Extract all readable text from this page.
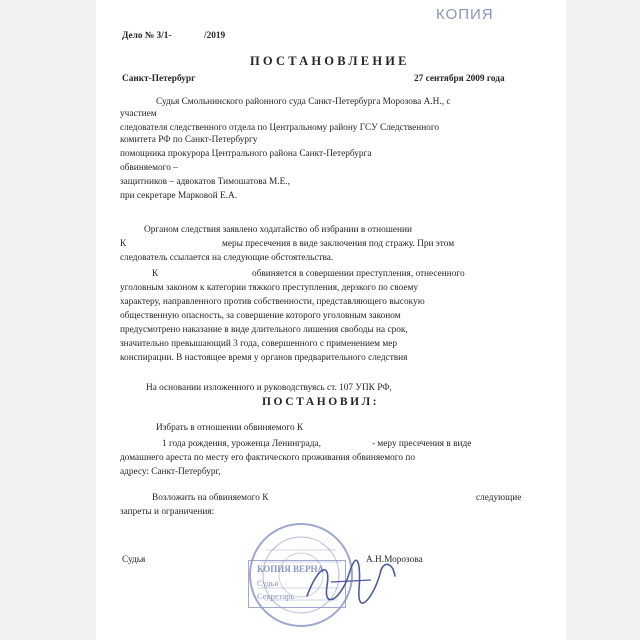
КОПИЯ
Дело № 3/1-	/2019
ПОСТАНОВЛЕНИЕ
Санкт-Петербург	27 сентября 2009 года
Судья Смольнинского районного суда Санкт-Петербурга Морозова А.Н., с
участием
следователя следственного отдела по Центральному району ГСУ Следственного
комитета РФ по Санкт-Петербургу
помощника прокурора Центрального района Санкт-Петербурга
обвиняемого –
защитников – адвокатов Тимошатова М.Е.,
при секретаре Марковой Е.А.
Органом следствия заявлено ходатайство об избрании в отношении
К	меры пресечения в виде заключения под стражу. При этом
следователь ссылается на следующие обстоятельства.
К	обвиняется в совершении преступления, отнесенного
уголовным законом к категории тяжкого преступления, дерзкого по своему
характеру, направленного против собственности, представляющего высокую
общественную опасность, за совершение которого уголовным законом
предусмотрено наказание в виде длительного лишения свободы на срок,
значительно превышающий 3 года, совершенного с применением мер
конспирации. В настоящее время у органов предварительного следствия
На основании изложенного и руководствуясь ст. 107 УПК РФ,
ПОСТАНОВИЛ:
Избрать в отношении обвиняемого К
1 года рождения, уроженца Ленинграда,	- меру пресечения в виде
домашнего ареста по месту его фактического проживания обвиняемого по
адресу: Санкт-Петербург,
Возложить на обвиняемого К	следующие
запреты и ограничения:
Судья	А.Н.Морозова
КОПИЯ ВЕРНА
Судья
Секретарь
